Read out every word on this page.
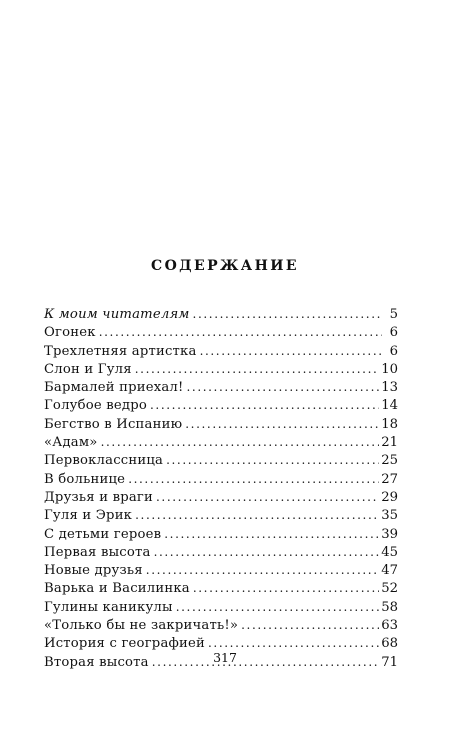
СОДЕРЖАНИЕ
К моим читателям .....	5
Огонек .....	6
Трехлетняя артистка .....	6
Слон и Гуля .....	10
Бармалей приехал! .....	13
Голубое ведро .....	14
Бегство в Испанию .....	18
«Адам» .....	21
Первоклассница .....	25
В больнице .....	27
Друзья и враги .....	29
Гуля и Эрик .....	35
С детьми героев .....	39
Первая высота .....	45
Новые друзья .....	47
Варька и Василинка .....	52
Гулины каникулы .....	58
«Только бы не закричать!» .....	63
История с географией .....	68
Вторая высота .....	71
317
